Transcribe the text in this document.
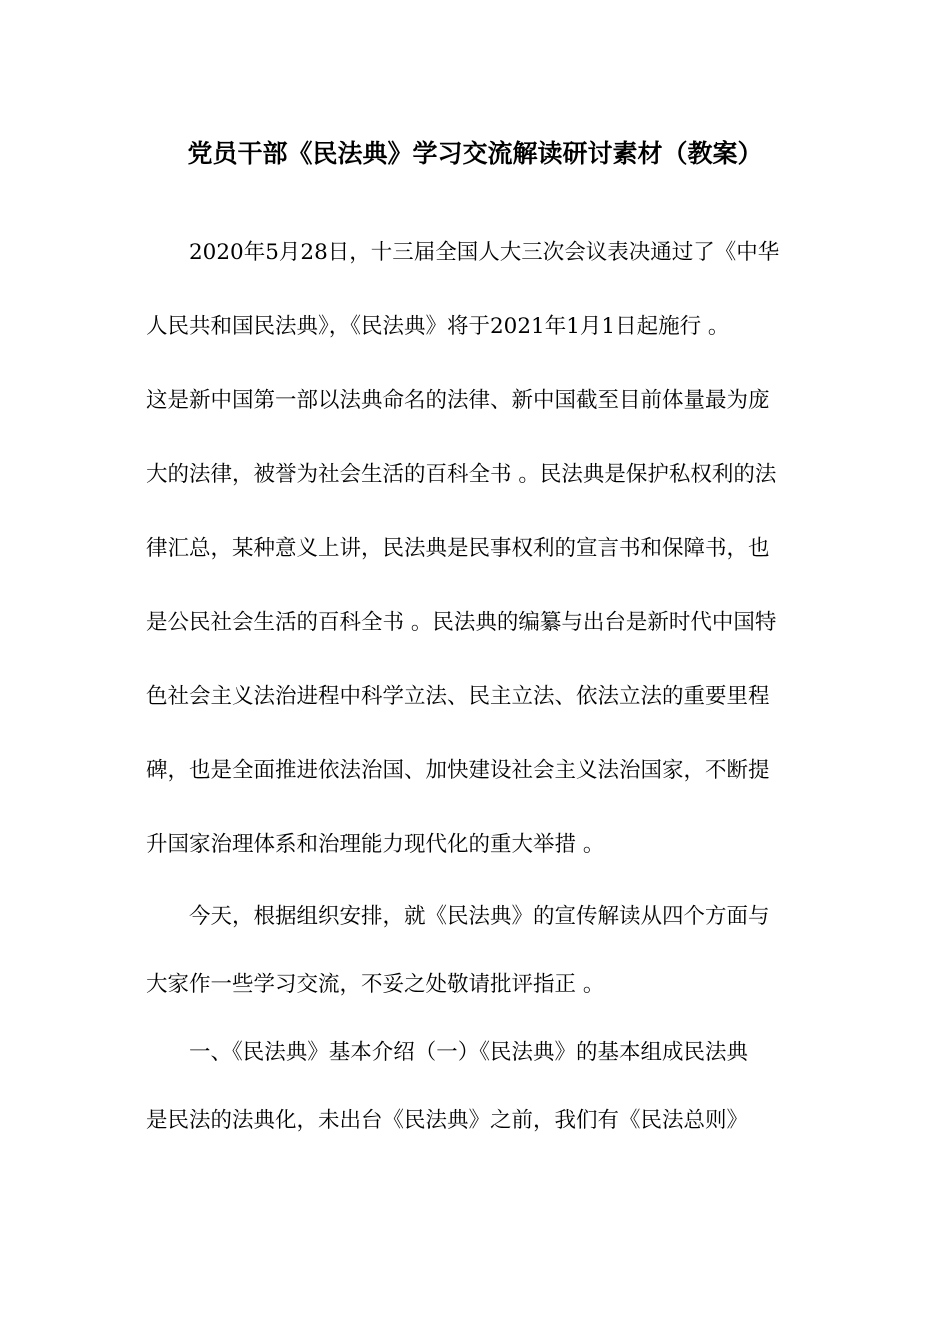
党员干部《民法典》学习交流解读研讨素材（教案）

2020年5月28日，十三届全国人大三次会议表决通过了《中华

人民共和国民法典》，《民法典》将于2021年1月1日起施行 。

这是新中国第一部以法典命名的法律、新中国截至目前体量最为庞

大的法律，被誉为社会生活的百科全书 。民法典是保护私权利的法

律汇总，某种意义上讲，民法典是民事权利的宣言书和保障书，也

是公民社会生活的百科全书 。民法典的编纂与出台是新时代中国特

色社会主义法治进程中科学立法、民主立法、依法立法的重要里程

碑，也是全面推进依法治国、加快建设社会主义法治国家，不断提

升国家治理体系和治理能力现代化的重大举措 。

今天，根据组织安排，就《民法典》的宣传解读从四个方面与

大家作一些学习交流，不妥之处敬请批评指正 。

一、《民法典》基本介绍（一）《民法典》的基本组成民法典

是民法的法典化，未出台《民法典》之前，我们有《民法总则》
